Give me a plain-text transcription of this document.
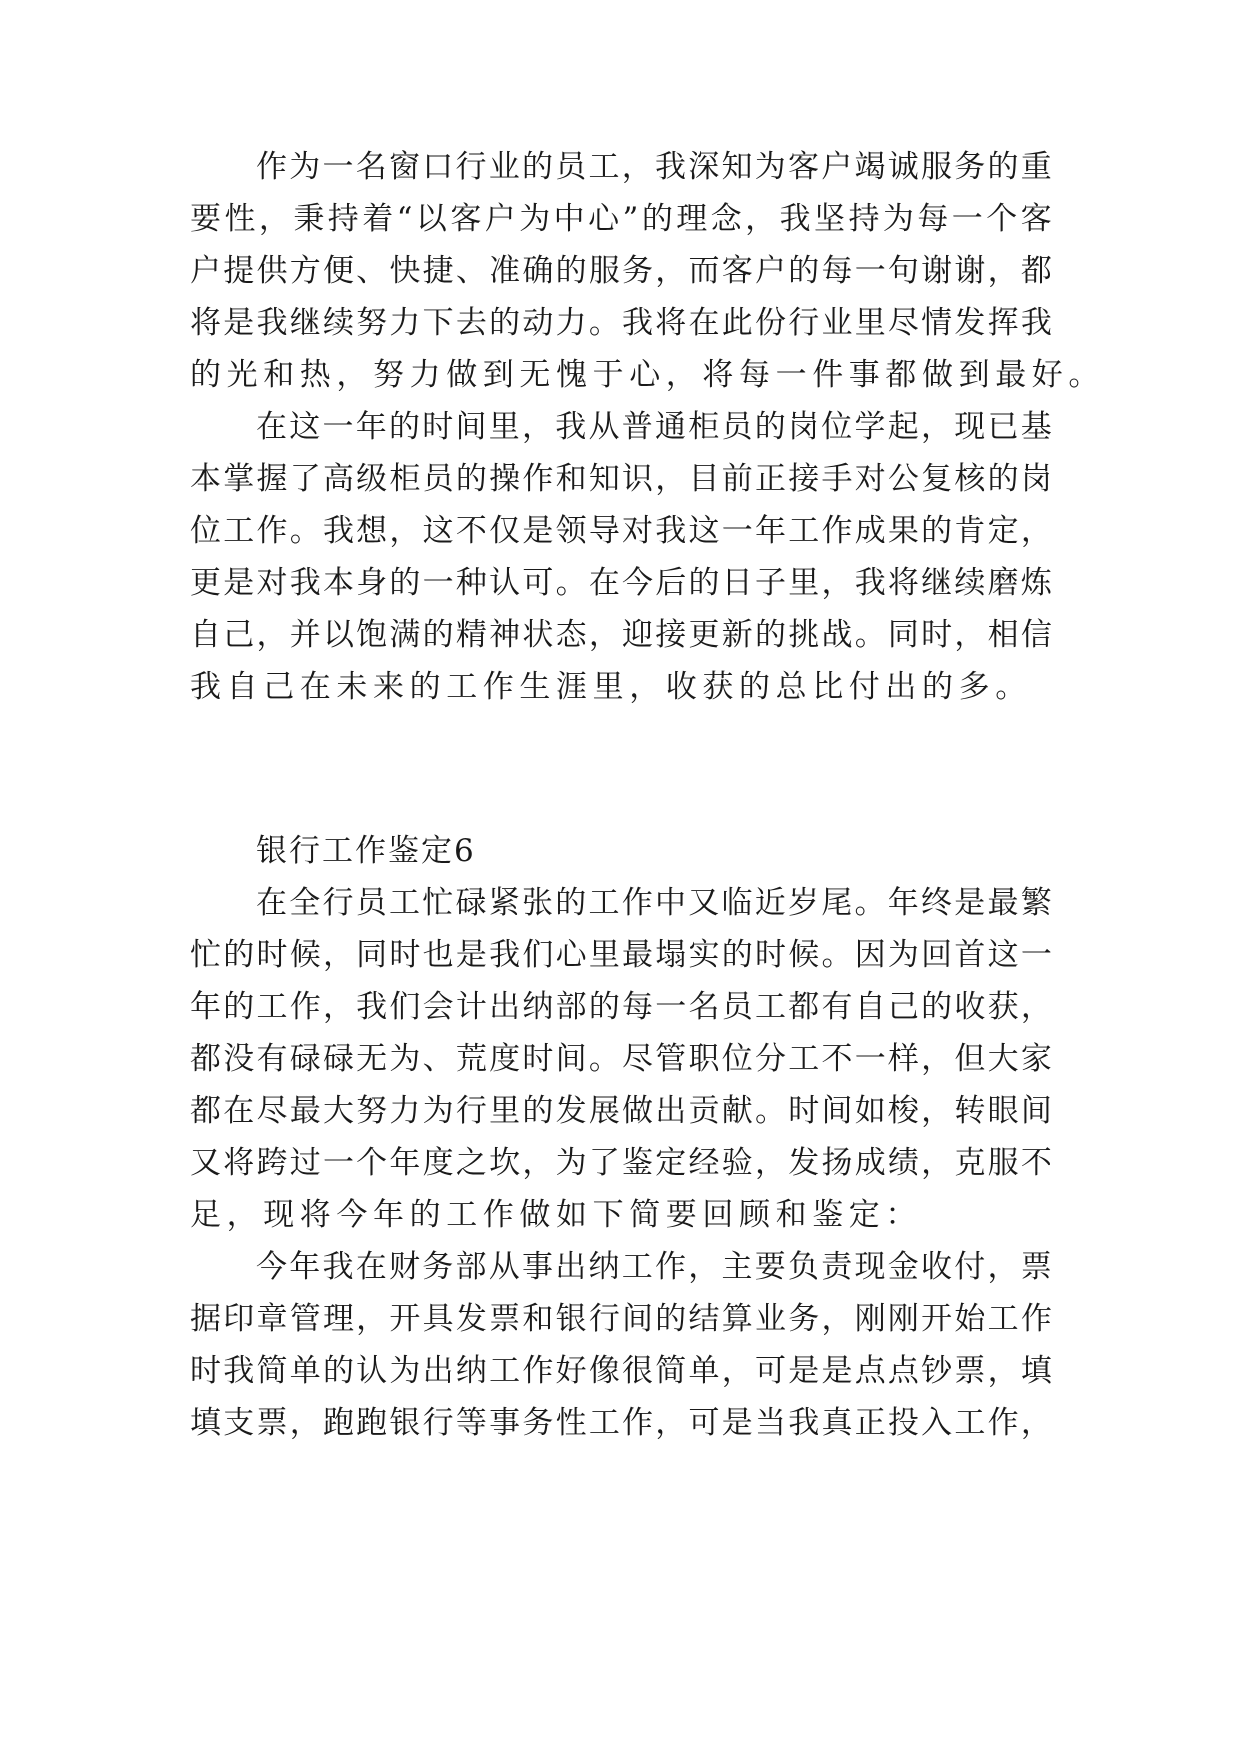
作 为 一 名 窗 口 行 业 的 员 工 ， 我 深 知 为 客 户 竭 诚 服 务 的 重
要 性 ， 秉 持 着 “ 以 客 户 为 中 心 ” 的 理 念 ， 我 坚 持 为 每 一 个 客
户 提 供 方 便 、 快 捷 、 准 确 的 服 务 ， 而 客 户 的 每 一 句 谢 谢 ， 都
将 是 我 继 续 努 力 下 去 的 动 力 。 我 将 在 此 份 行 业 里 尽 情 发 挥 我
的光和热，努力做到无愧于心，将每一件事都做到最好。
在 这 一 年 的 时 间 里 ， 我 从 普 通 柜 员 的 岗 位 学 起 ， 现 已 基
本 掌 握 了 高 级 柜 员 的 操 作 和 知 识 ， 目 前 正 接 手 对 公 复 核 的 岗
位 工 作 。 我 想 ， 这 不 仅 是 领 导 对 我 这 一 年 工 作 成 果 的 肯 定 ，
更 是 对 我 本 身 的 一 种 认 可 。 在 今 后 的 日 子 里 ， 我 将 继 续 磨 炼
自 己 ， 并 以 饱 满 的 精 神 状 态 ， 迎 接 更 新 的 挑 战 。 同 时 ， 相 信
我自己在未来的工作生涯里，收获的总比付出的多。
银行工作鉴定6
在 全 行 员 工 忙 碌 紧 张 的 工 作 中 又 临 近 岁 尾 。 年 终 是 最 繁
忙 的 时 候 ， 同 时 也 是 我 们 心 里 最 塌 实 的 时 候 。 因 为 回 首 这 一
年 的 工 作 ， 我 们 会 计 出 纳 部 的 每 一 名 员 工 都 有 自 己 的 收 获 ，
都 没 有 碌 碌 无 为 、 荒 度 时 间 。 尽 管 职 位 分 工 不 一 样 ， 但 大 家
都 在 尽 最 大 努 力 为 行 里 的 发 展 做 出 贡 献 。 时 间 如 梭 ， 转 眼 间
又 将 跨 过 一 个 年 度 之 坎 ， 为 了 鉴 定 经 验 ， 发 扬 成 绩 ， 克 服 不
足，现将今年的工作做如下简要回顾和鉴定：
今 年 我 在 财 务 部 从 事 出 纳 工 作 ， 主 要 负 责 现 金 收 付 ， 票
据 印 章 管 理 ， 开 具 发 票 和 银 行 间 的 结 算 业 务 ， 刚 刚 开 始 工 作
时 我 简 单 的 认 为 出 纳 工 作 好 像 很 简 单 ， 可 是 是 点 点 钞 票 ， 填
填 支 票 ， 跑 跑 银 行 等 事 务 性 工 作 ， 可 是 当 我 真 正 投 入 工 作 ，
